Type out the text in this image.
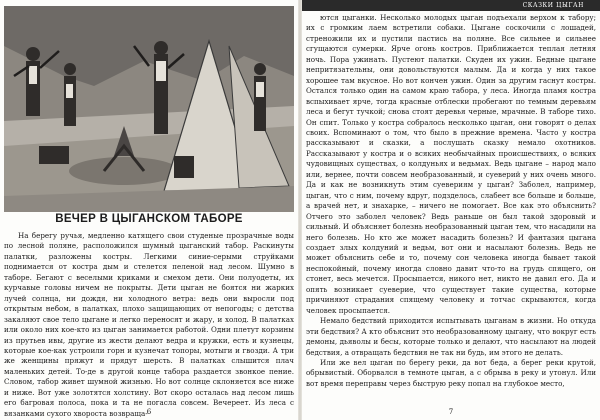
ВЕЧЕР В ЦЫГАНСКОМ ТАБОРЕ

На берегу ручья, медленно катящего свои студеные прозрачные воды по лесной поляне, расположился шумный цыганский табор. Раскинуты палатки, разложены костры. Легкими синие-серыми струйками поднимается от костра дым и стелется пеленой над лесом. Шумно в таборе. Бегают с веселыми криками и смехом дети. Они полуодеты, их курчавые головы ничем не покрыты. Дети цыган не боятся ни жарких лучей солнца, ни дождя, ни холодного ветра: ведь они выросли под открытым небом, в палатках, плохо защищающих от непогоды; с детства закаляют свое тело цыгане и легко переносят и жару, и холод. В палатках или около них кое-кто из цыган занимается работой. Одни плетут корзины из прутьев ивы, другие из жести делают ведра и кружки, есть и кузнецы, которые кое-как устроили горн и кузнечат топоры, мотыги и гвозди. А три же женщины пряжут и прядут шерсть. В палатках слышится плач маленьких детей. То-де в другой конце табора раздается звонкое пение. Словом, табор живет шумной жизнью. Но вот солнце склоняется все ниже и ниже. Вот уже золотятся холстину. Вот скоро осталась над лесом лишь его багровая полоса, пока и та не погасла совсем. Вечереет. Из леса с вязанками сухого хвороста возвраща- 6
СКАЗКИ ЦЫГАН

ются цыганки. Несколько молодых цыган подъехали верхом к табору; их с громким лаем встретили собаки. Цыгане соскочили с лошадей, стреножили их и пустили пастись на поляне. Все сильнее и сильнее сгущаются сумерки. Ярче огонь костров. Приближается теплая летняя ночь. Пора ужинать. Пустеют палатки. Скуден их ужин. Бедные цыгане непритязательны, они довольствуются малым. Да и когда у них такое хорошее там вкусное. Но вот кончен ужин. Один за другим гаснут костры. Остался только один на самом краю табора, у леса. Иногда пламя костра вспыхивает ярче, тогда красные отблески пробегают по темным деревьям леса и бегут тучкой; снова стоят деревья черные, мрачные. В таборе тихо. Он спит. Только у костра собралось несколько цыган, они говорят о делах своих. Вспоминают о том, что было в прежние времена. Часто у костра рассказывают и сказки, а послушать сказку немало охотников. Рассказывают у костра и о всяких необычайных происшествиях, о всяких чудовищных существах, о колдуньях и ведьмах. Ведь цыгане – народ мало или, вернее, почти совсем необразованный, и суеверий у них очень много. Да и как не возникнуть этим суевериям у цыган? Заболел, например, цыган, что с ним, почему вдруг, подзделось, слабеет все больше и больше, а врачей нет, и знахарке, – ничего не помогает. Все как это объяснить? Отчего это заболел человек? Ведь раньше он был такой здоровый и сильный. И объясняет болезнь необразованный цыган тем, что насадили на него болезнь. Но кто же может насадить болезнь? И фантазия цыгана создает злых колдуний и ведьм, вот они и насылают болезнь. Ведь не может объяснить себе и то, почему сон человека иногда бывает такой неспокойный, почему иногда словно давит что-то на грудь спящего, он стонет, весь мечется. Просыпается, никого нет, никто не давил его. Да и опять возникает суеверие, что существует такие существа, которые причиняют страдания спящему человеку и тотчас скрываются, когда человек просыпается.

Немало бедствий приходится испытывать цыганам в жизни. Но откуда эти бедствия? А кто объяснит это необразованному цыгану, что вокруг есть демоны, дьяволы и бесы, которые только и делают, что насылают на людей бедствия, а отвращать бедствия не так ни будь, им этого не делать.

Или же вел цыган по берегу реки, да вот беда, а берег реки крутой, обрывистый. Оборвался в темноте цыган, а с обрыва в реку и утонул. Или вот время переправы через быструю реку попал на глубокое место,

7
